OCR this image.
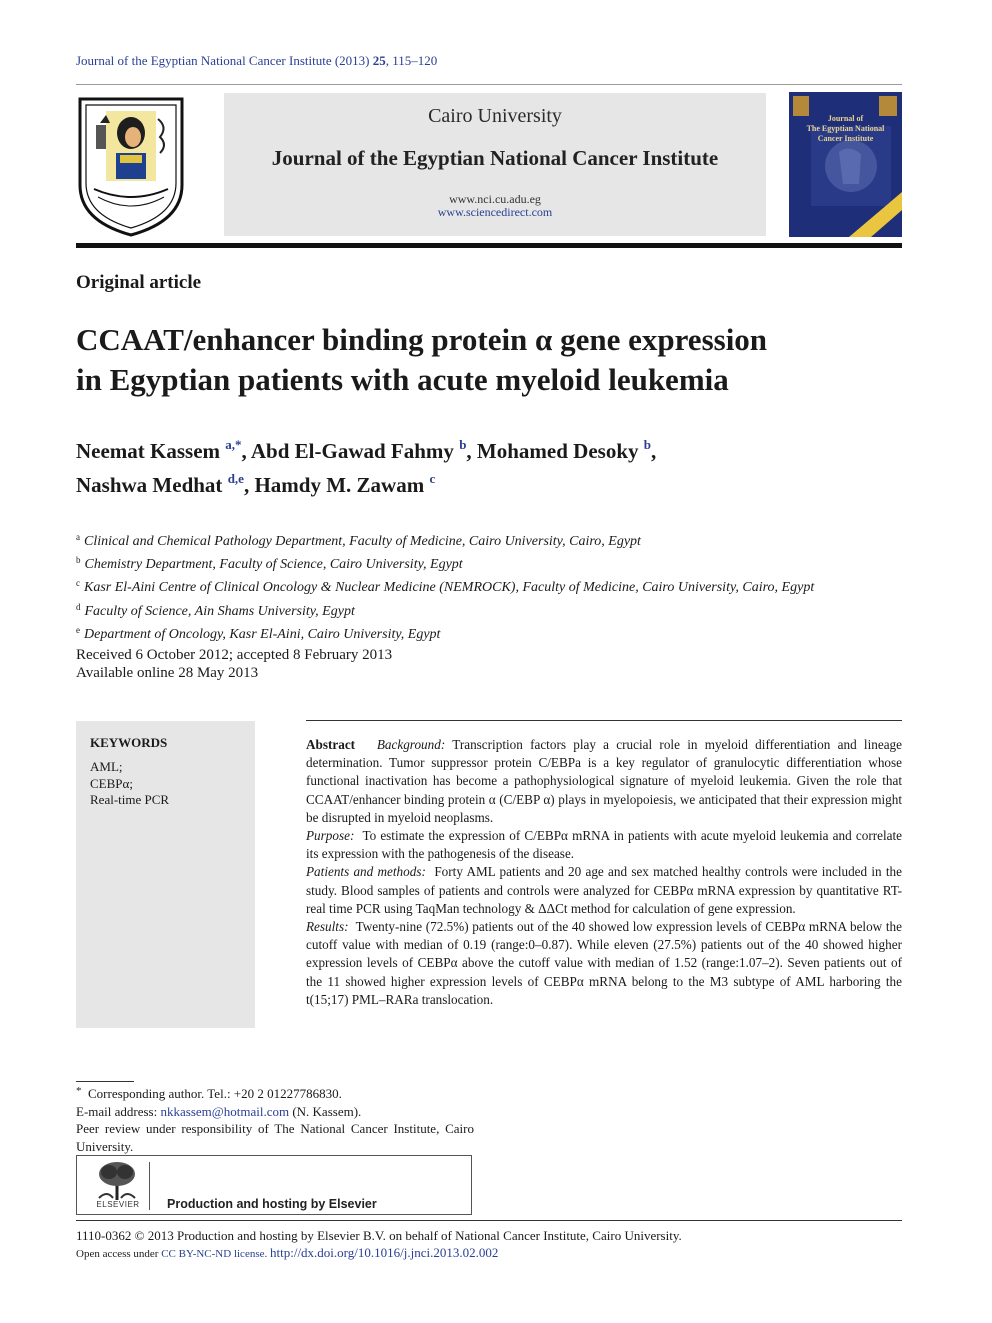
Journal of the Egyptian National Cancer Institute (2013) 25, 115–120
Cairo University
Journal of the Egyptian National Cancer Institute
www.nci.cu.adu.eg
www.sciencedirect.com
Journal of
The Egyptian National
Cancer Institute
Original article
CCAAT/enhancer binding protein α gene expression
in Egyptian patients with acute myeloid leukemia
Neemat Kassem $^{a,*}$, Abd El-Gawad Fahmy $^b$, Mohamed Desoky $^b$,
Nashwa Medhat $^{d,e}$, Hamdy M. Zawam $^c$
$^a$ Clinical and Chemical Pathology Department, Faculty of Medicine, Cairo University, Cairo, Egypt
$^b$ Chemistry Department, Faculty of Science, Cairo University, Egypt
$^c$ Kasr El-Aini Centre of Clinical Oncology & Nuclear Medicine (NEMROCK), Faculty of Medicine, Cairo University, Cairo, Egypt
$^d$ Faculty of Science, Ain Shams University, Egypt
$^e$ Department of Oncology, Kasr El-Aini, Cairo University, Egypt
Received 6 October 2012; accepted 8 February 2013
Available online 28 May 2013
KEYWORDS
AML;
CEBPα;
Real-time PCR

Abstract Background: Transcription factors play a crucial role in myeloid differentiation and lineage determination. Tumor suppressor protein C/EBPa is a key regulator of granulocytic differentiation whose functional inactivation has become a pathophysiological signature of myeloid leukemia. Given the role that CCAAT/enhancer binding protein α (C/EBP α) plays in myelopoiesis, we anticipated that their expression might be disrupted in myeloid neoplasms.

Purpose: To estimate the expression of C/EBPα mRNA in patients with acute myeloid leukemia and correlate its expression with the pathogenesis of the disease.

Patients and methods: Forty AML patients and 20 age and sex matched healthy controls were included in the study. Blood samples of patients and controls were analyzed for CEBPα mRNA expression by quantitative RT-real time PCR using TaqMan technology & ΔΔCt method for calculation of gene expression.

Results: Twenty-nine (72.5%) patients out of the 40 showed low expression levels of CEBPα mRNA below the cutoff value with median of 0.19 (range:0–0.87). While eleven (27.5%) patients out of the 40 showed higher expression levels of CEBPα above the cutoff value with median of 1.52 (range:1.07–2). Seven patients out of the 11 showed higher expression levels of CEBPα mRNA belong to the M3 subtype of AML harboring the t(15;17) PML–RARa translocation.

* Corresponding author. Tel.: +20 2 01227786830.

E-mail address: nkkassem@hotmail.com (N. Kassem).

Peer review under responsibility of The National Cancer Institute, Cairo University.

ELSEVIER	Production and hosting by Elsevier
1110-0362 © 2013 Production and hosting by Elsevier B.V. on behalf of National Cancer Institute, Cairo University.
Open access under CC BY-NC-ND license. http://dx.doi.org/10.1016/j.jnci.2013.02.002
